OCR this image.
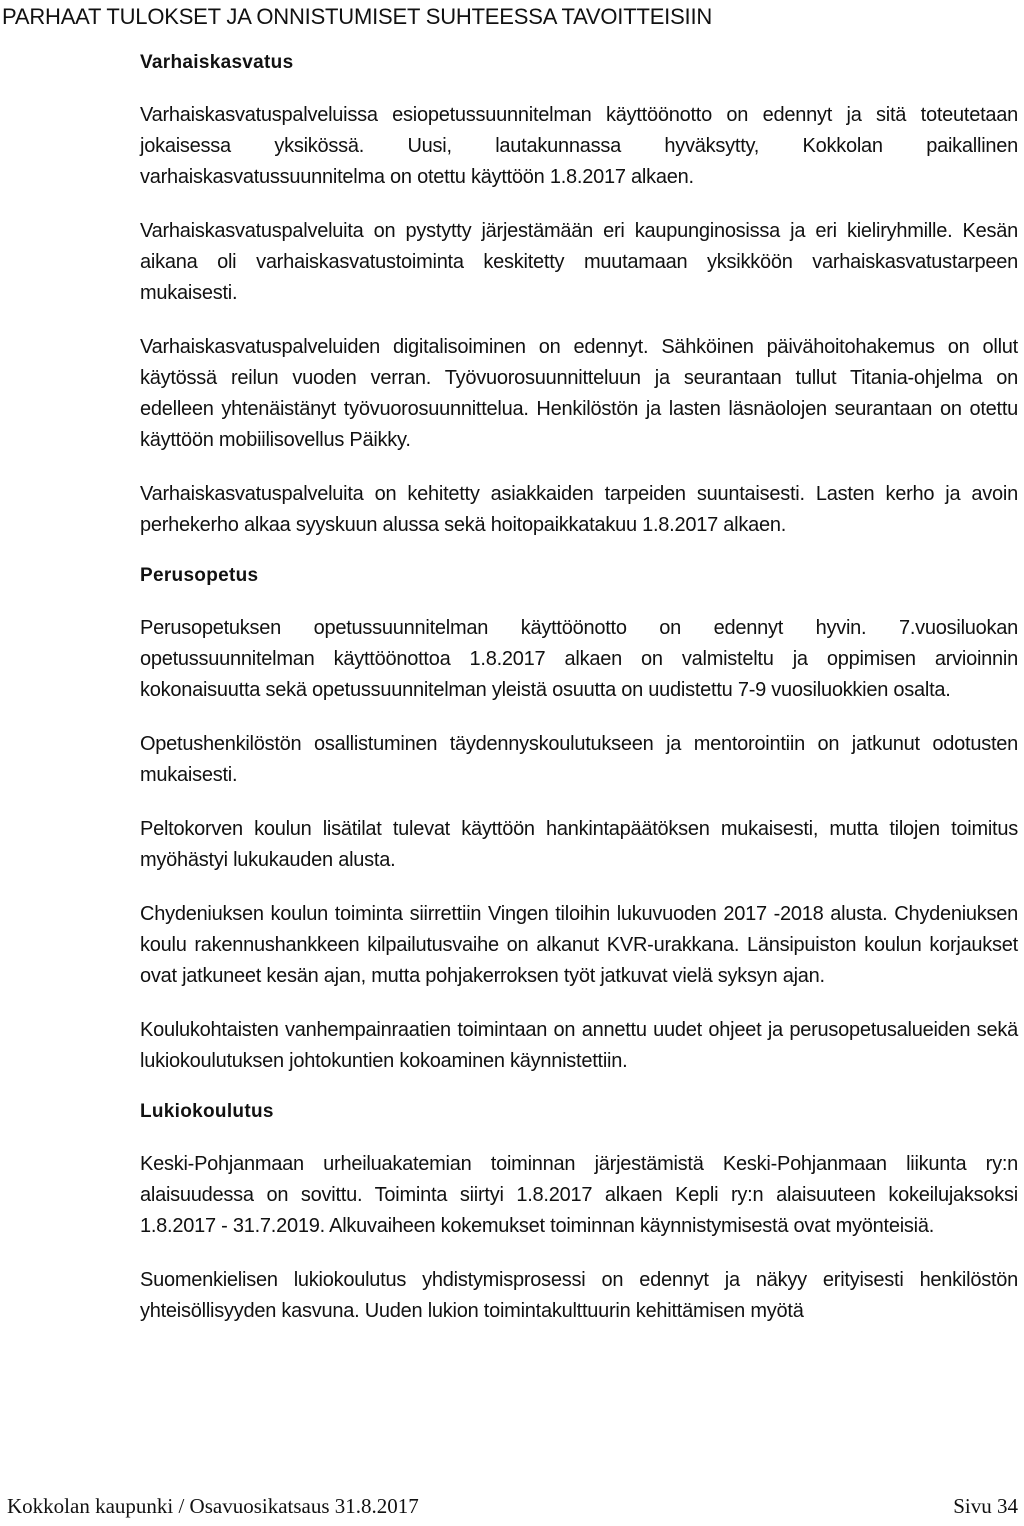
PARHAAT TULOKSET JA ONNISTUMISET SUHTEESSA TAVOITTEISIIN
Varhaiskasvatus

Varhaiskasvatuspalveluissa esiopetussuunnitelman käyttöönotto on edennyt ja sitä toteutetaan jokaisessa yksikössä. Uusi, lautakunnassa hyväksytty, Kokkolan paikallinen varhaiskasvatussuunnitelma on otettu käyttöön 1.8.2017 alkaen.

Varhaiskasvatuspalveluita on pystytty järjestämään eri kaupunginosissa ja eri kieliryhmille. Kesän aikana oli varhaiskasvatustoiminta keskitetty muutamaan yksikköön varhaiskasvatustarpeen mukaisesti.

Varhaiskasvatuspalveluiden digitalisoiminen on edennyt. Sähköinen päivähoitohakemus on ollut käytössä reilun vuoden verran. Työvuorosuunnitteluun ja seurantaan tullut Titania-ohjelma on edelleen yhtenäistänyt työvuorosuunnittelua. Henkilöstön ja lasten läsnäolojen seurantaan on otettu käyttöön mobiilisovellus Päikky.

Varhaiskasvatuspalveluita on kehitetty asiakkaiden tarpeiden suuntaisesti. Lasten kerho ja avoin perhekerho alkaa syyskuun alussa sekä hoitopaikkatakuu 1.8.2017 alkaen.

Perusopetus

Perusopetuksen opetussuunnitelman käyttöönotto on edennyt hyvin. 7.vuosiluokan opetussuunnitelman käyttöönottoa 1.8.2017 alkaen on valmisteltu ja oppimisen arvioinnin kokonaisuutta sekä opetussuunnitelman yleistä osuutta on uudistettu 7-9 vuosiluokkien osalta.

Opetushenkilöstön osallistuminen täydennyskoulutukseen ja mentorointiin on jatkunut odotusten mukaisesti.

Peltokorven koulun lisätilat tulevat käyttöön hankintapäätöksen mukaisesti, mutta tilojen toimitus myöhästyi lukukauden alusta.

Chydeniuksen koulun toiminta siirrettiin Vingen tiloihin lukuvuoden 2017 -2018 alusta. Chydeniuksen koulu rakennushankkeen kilpailutusvaihe on alkanut KVR-urakkana. Länsipuiston koulun korjaukset ovat jatkuneet kesän ajan, mutta pohjakerroksen työt jatkuvat vielä syksyn ajan.

Koulukohtaisten vanhempainraatien toimintaan on annettu uudet ohjeet ja perusopetusalueiden sekä lukiokoulutuksen johtokuntien kokoaminen käynnistettiin.

Lukiokoulutus

Keski-Pohjanmaan urheiluakatemian toiminnan järjestämistä Keski-Pohjanmaan liikunta ry:n alaisuudessa on sovittu. Toiminta siirtyi 1.8.2017 alkaen Kepli ry:n alaisuuteen kokeilujaksoksi 1.8.2017 - 31.7.2019. Alkuvaiheen kokemukset toiminnan käynnistymisestä ovat myönteisiä.

Suomenkielisen lukiokoulutus yhdistymisprosessi on edennyt ja näkyy erityisesti henkilöstön yhteisöllisyyden kasvuna. Uuden lukion toimintakulttuurin kehittämisen myötä

Kokkolan kaupunki / Osavuosikatsaus 31.8.2017	Sivu 34
